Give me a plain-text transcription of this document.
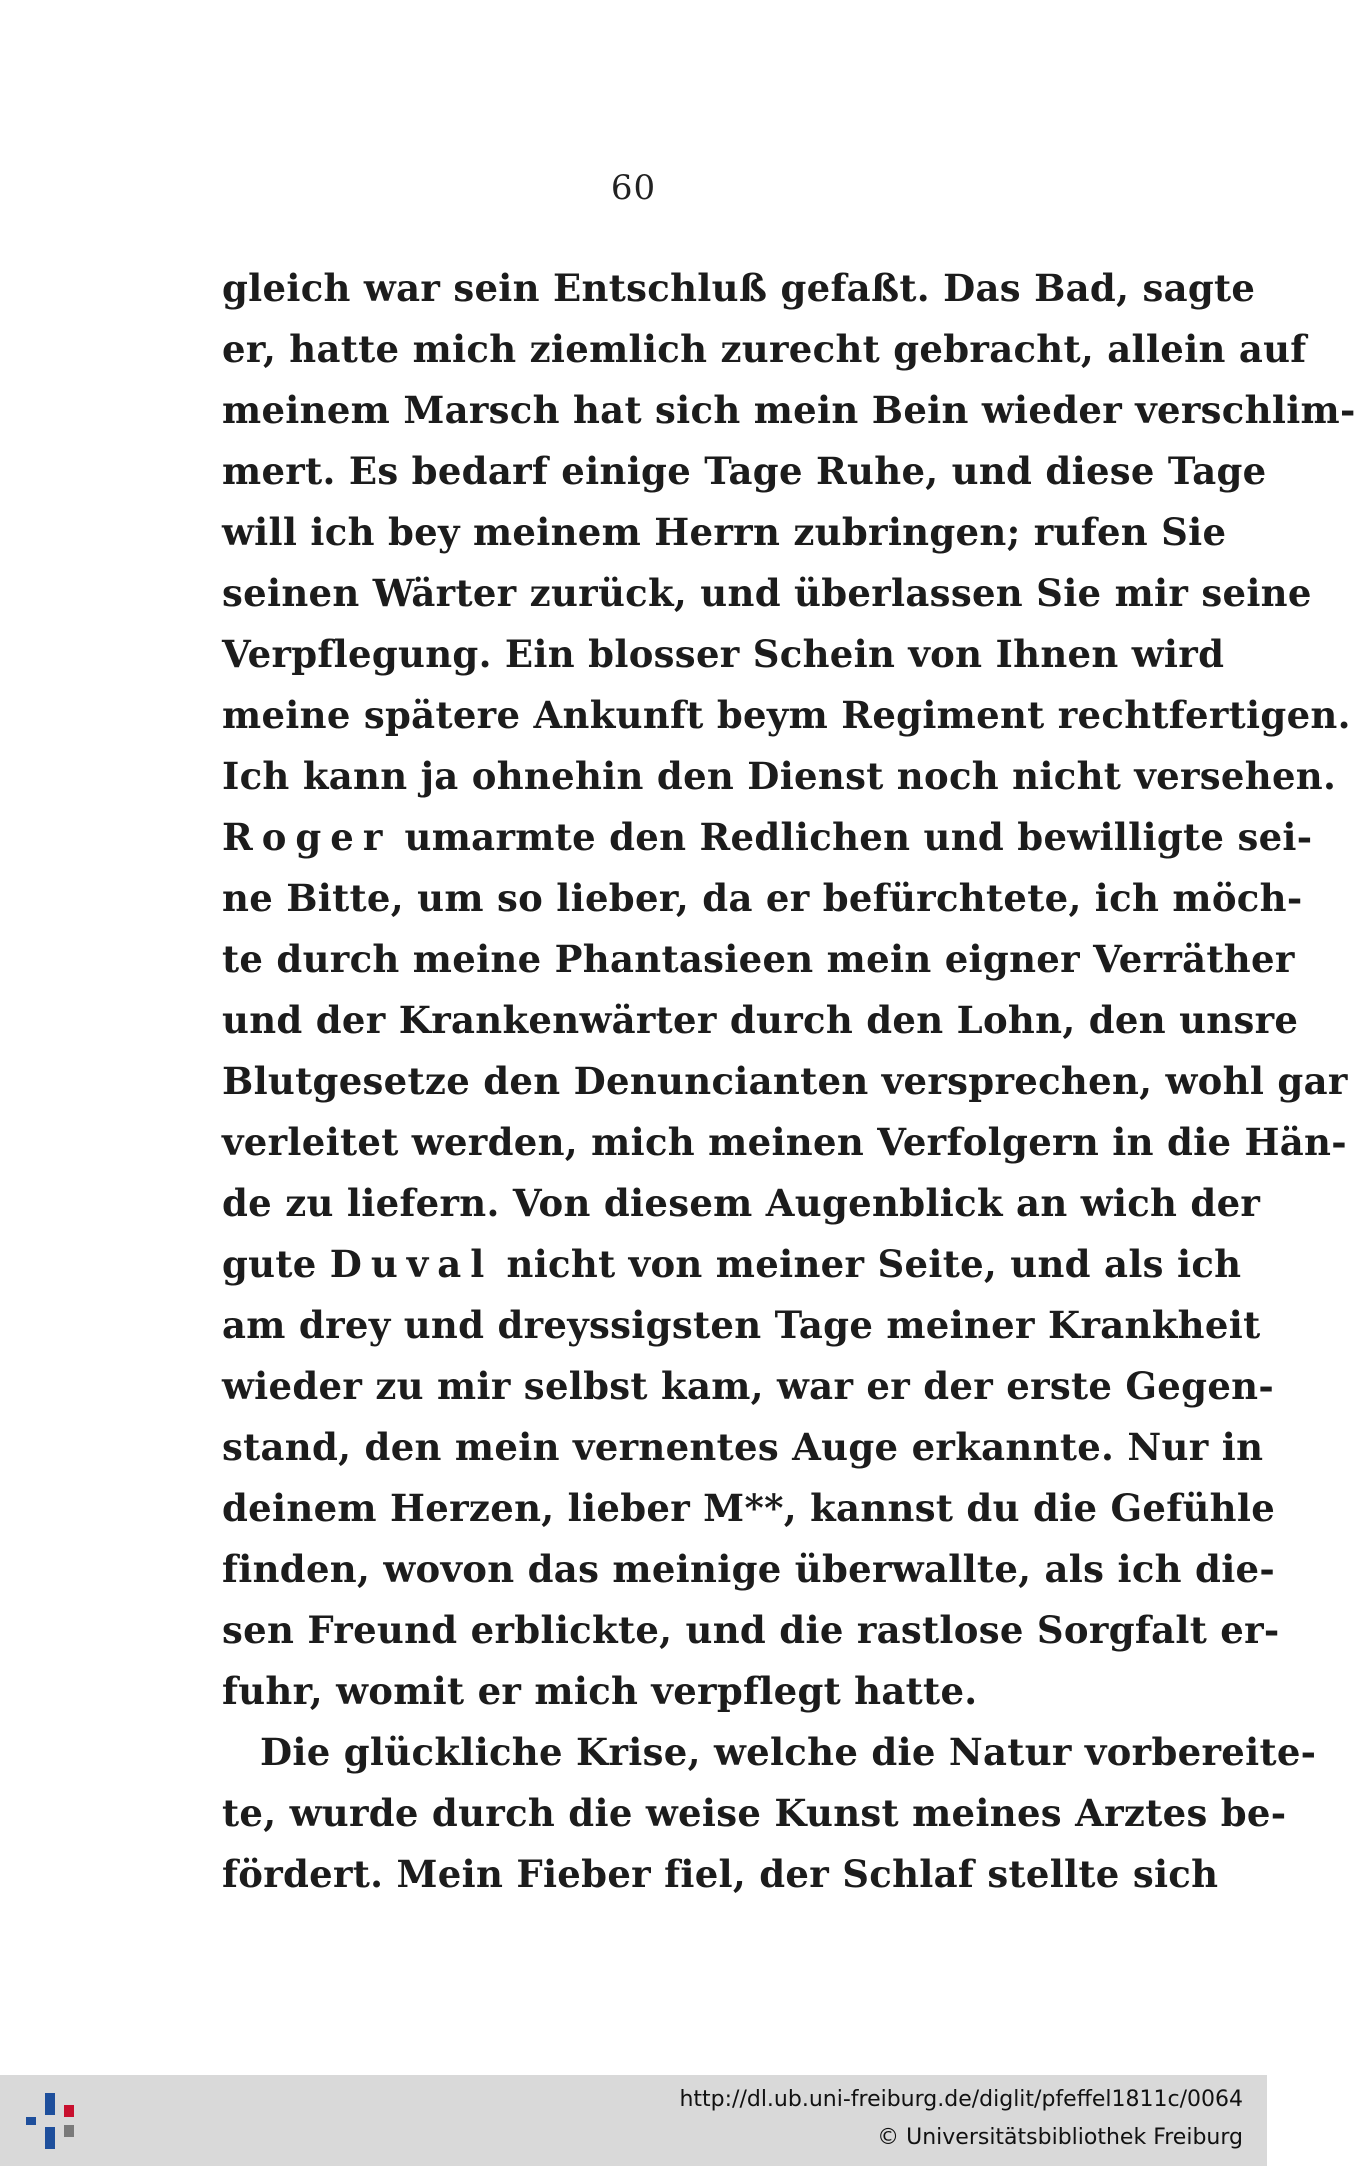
60
gleich war sein Entschluß gefaßt. Das Bad, sagte
er, hatte mich ziemlich zurecht gebracht, allein auf
meinem Marsch hat sich mein Bein wieder verschlim-
mert. Es bedarf einige Tage Ruhe, und diese Tage
will ich bey meinem Herrn zubringen; rufen Sie
seinen Wärter zurück, und überlassen Sie mir seine
Verpflegung. Ein blosser Schein von Ihnen wird
meine spätere Ankunft beym Regiment rechtfertigen.
Ich kann ja ohnehin den Dienst noch nicht versehen.
Roger umarmte den Redlichen und bewilligte sei-
ne Bitte, um so lieber, da er befürchtete, ich möch-
te durch meine Phantasieen mein eigner Verräther
und der Krankenwärter durch den Lohn, den unsre
Blutgesetze den Denuncianten versprechen, wohl gar
verleitet werden, mich meinen Verfolgern in die Hän-
de zu liefern. Von diesem Augenblick an wich der
gute Duval nicht von meiner Seite, und als ich
am drey und dreyssigsten Tage meiner Krankheit
wieder zu mir selbst kam, war er der erste Gegen-
stand, den mein vernentes Auge erkannte. Nur in
deinem Herzen, lieber M**, kannst du die Gefühle
finden, wovon das meinige überwallte, als ich die-
sen Freund erblickte, und die rastlose Sorgfalt er-
fuhr, womit er mich verpflegt hatte.
Die glückliche Krise, welche die Natur vorbereite-
te, wurde durch die weise Kunst meines Arztes be-
fördert. Mein Fieber fiel, der Schlaf stellte sich
http://dl.ub.uni-freiburg.de/diglit/pfeffel1811c/0064
© Universitätsbibliothek Freiburg
